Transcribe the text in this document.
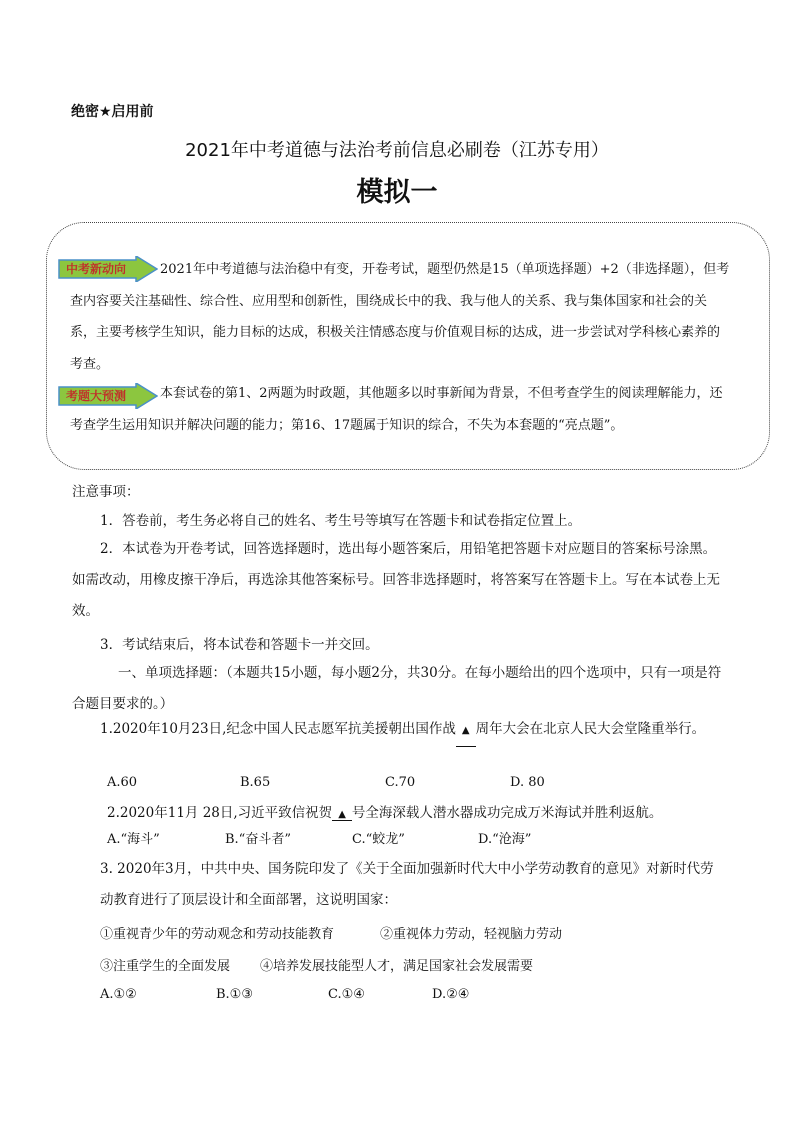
绝密★启用前
2021年中考道德与法治考前信息必刷卷（江苏专用）
模拟一
中考新动向	2021年中考道德与法治稳中有变，开卷考试，题型仍然是15（单项选择题）+2（非选择题），但考查内容要关注基础性、综合性、应用型和创新性，围绕成长中的我、我与他人的关系、我与集体国家和社会的关系，主要考核学生知识，能力目标的达成，积极关注情感态度与价值观目标的达成，进一步尝试对学科核心素养的考查。
考题大预测	本套试卷的第1、2两题为时政题，其他题多以时事新闻为背景，不但考查学生的阅读理解能力，还考查学生运用知识并解决问题的能力；第16、17题属于知识的综合，不失为本套题的“亮点题”。
注意事项：
1．答卷前，考生务必将自己的姓名、考生号等填写在答题卡和试卷指定位置上。
2．本试卷为开卷考试，回答选择题时，选出每小题答案后，用铅笔把答题卡对应题目的答案标号涂黑。如需改动，用橡皮擦干净后，再选涂其他答案标号。回答非选择题时，将答案写在答题卡上。写在本试卷上无效。
3．考试结束后，将本试卷和答题卡一并交回。
一、单项选择题：（本题共15小题，每小题2分，共30分。在每小题给出的四个选项中，只有一项是符合题目要求的。）
1.2020年10月23日,纪念中国人民志愿军抗美援朝出国作战 ▲ 周年大会在北京人民大会堂隆重举行。
A.60	B.65	C.70	D. 80
2.2020年11月 28日,习近平致信祝贺 ▲ 号全海深载人潜水器成功完成万米海试并胜利返航。
A.“海斗”	B.“奋斗者”	C.“蛟龙”	D.“沧海”
3. 2020年3月，中共中央、国务院印发了《关于全面加强新时代大中小学劳动教育的意见》对新时代劳动教育进行了顶层设计和全面部署，这说明国家：
①重视青少年的劳动观念和劳动技能教育	②重视体力劳动，轻视脑力劳动
③注重学生的全面发展 ④培养发展技能型人才，满足国家社会发展需要
A.①②	B.①③	C.①④	D.②④
